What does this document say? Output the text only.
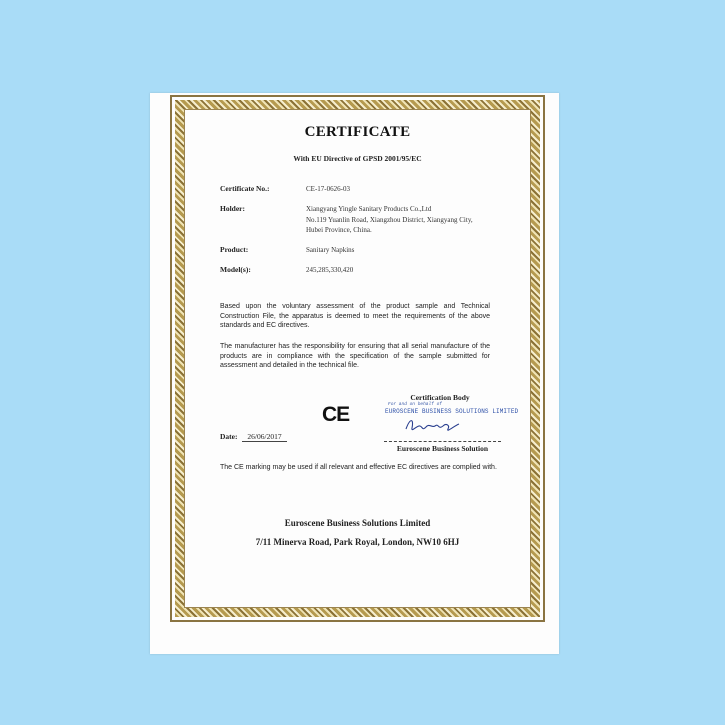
CERTIFICATE
With EU Directive of GPSD 2001/95/EC
Certificate No.:	CE-17-0626-03
Holder:	Xiangyang Yingle Sanitary Products Co.,Ltd
No.119 Yuanlin Road, Xiangzhou District, Xiangyang City,
Hubei Province, China.
Product:	Sanitary Napkins
Model(s):	245,285,330,420
Based upon the voluntary assessment of the product sample and Technical Construction File, the apparatus is deemed to meet the requirements of the above standards and EC directives.
The manufacturer has the responsibility for ensuring that all serial manufacture of the products are in compliance with the specification of the sample submitted for assessment and detailed in the technical file.
CE
Certification Body
For and on behalf of
EUROSCENE BUSINESS SOLUTIONS LIMITED
Euroscene Business Solution
Date:	26/06/2017
The CE marking may be used if all relevant and effective EC directives are complied with.
Euroscene Business Solutions Limited
7/11 Minerva Road, Park Royal, London, NW10 6HJ
